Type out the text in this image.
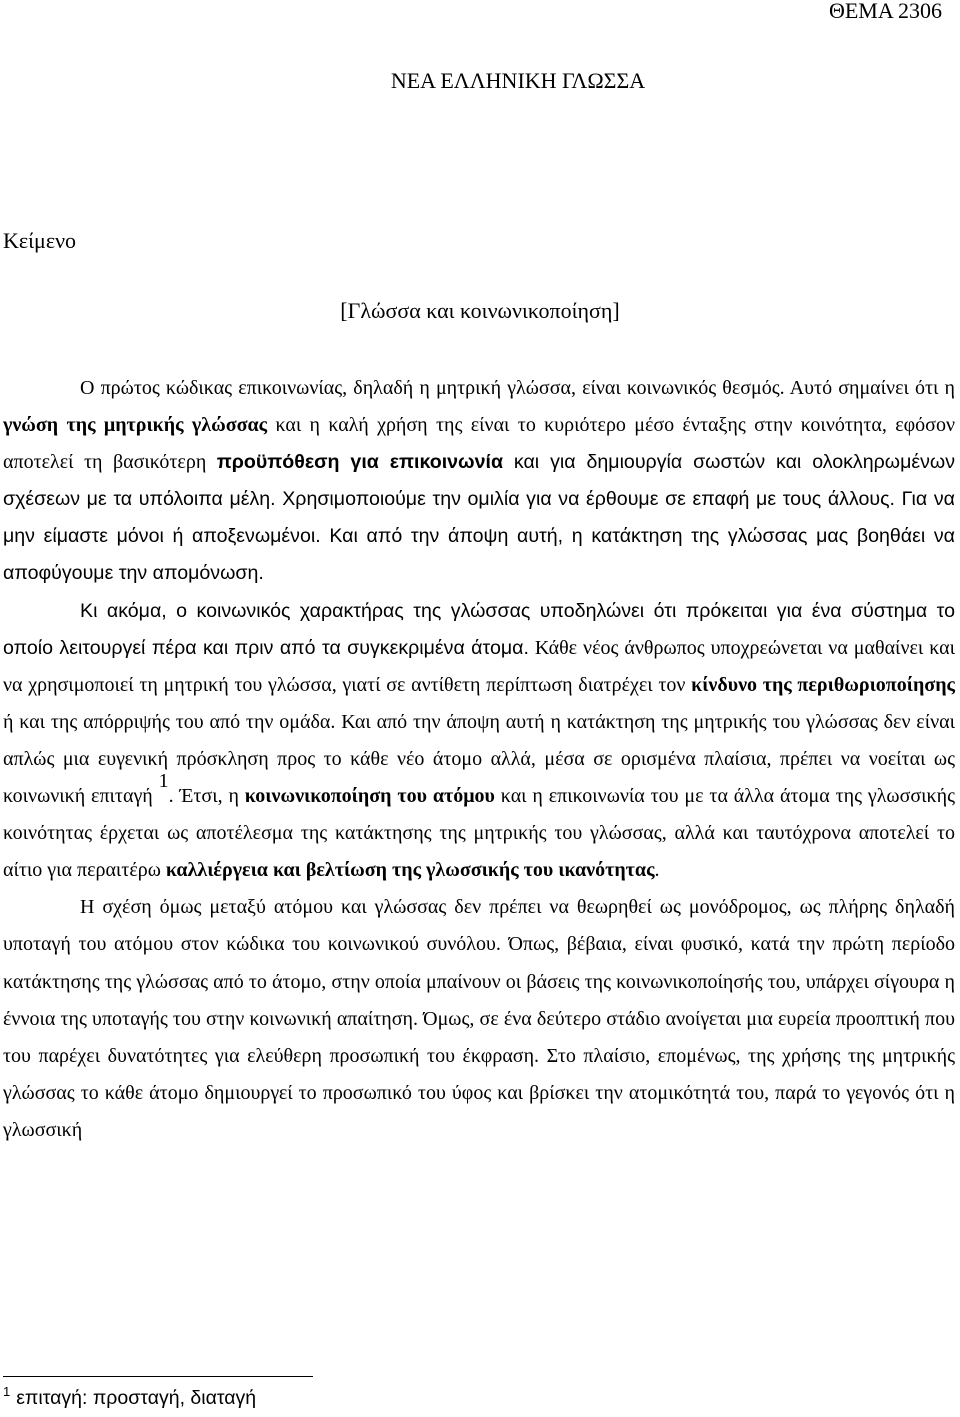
ΘΕΜΑ 2306
ΝΕΑ ΕΛΛΗΝΙΚΗ ΓΛΩΣΣΑ
Κείμενο
[Γλώσσα και κοινωνικοποίηση]

Ο πρώτος κώδικας επικοινωνίας, δηλαδή η μητρική γλώσσα, είναι κοινωνικός θεσμός. Αυτό σημαίνει ότι η γνώση της μητρικής γλώσσας και η καλή χρήση της είναι το κυριότερο μέσο ένταξης στην κοινότητα, εφόσον αποτελεί τη βασικότερη προϋπόθεση για επικοινωνία και για δημιουργία σωστών και ολοκληρωμένων σχέσεων με τα υπόλοιπα μέλη. Χρησιμοποιούμε την ομιλία για να έρθουμε σε επαφή με τους άλλους. Για να μην είμαστε μόνοι ή αποξενωμένοι. Και από την άποψη αυτή, η κατάκτηση της γλώσσας μας βοηθάει να αποφύγουμε την απομόνωση.

Κι ακόμα, ο κοινωνικός χαρακτήρας της γλώσσας υποδηλώνει ότι πρόκειται για ένα σύστημα το οποίο λειτουργεί πέρα και πριν από τα συγκεκριμένα άτομα. Κάθε νέος άνθρωπος υποχρεώνεται να μαθαίνει και να χρησιμοποιεί τη μητρική του γλώσσα, γιατί σε αντίθετη περίπτωση διατρέχει τον κίνδυνο της περιθωριοποίησης ή και της απόρριψής του από την ομάδα. Και από την άποψη αυτή η κατάκτηση της μητρικής του γλώσσας δεν είναι απλώς μια ευγενική πρόσκληση προς το κάθε νέο άτομο αλλά, μέσα σε ορισμένα πλαίσια, πρέπει να νοείται ως κοινωνική επιταγή $^1$. Έτσι, η κοινωνικοποίηση του ατόμου και η επικοινωνία του με τα άλλα άτομα της γλωσσικής κοινότητας έρχεται ως αποτέλεσμα της κατάκτησης της μητρικής του γλώσσας, αλλά και ταυτόχρονα αποτελεί το αίτιο για περαιτέρω καλλιέργεια και βελτίωση της γλωσσικής του ικανότητας.

Η σχέση όμως μεταξύ ατόμου και γλώσσας δεν πρέπει να θεωρηθεί ως μονόδρομος, ως πλήρης δηλαδή υποταγή του ατόμου στον κώδικα του κοινωνικού συνόλου. Όπως, βέβαια, είναι φυσικό, κατά την πρώτη περίοδο κατάκτησης της γλώσσας από το άτομο, στην οποία μπαίνουν οι βάσεις της κοινωνικοποίησής του, υπάρχει σίγουρα η έννοια της υποταγής του στην κοινωνική απαίτηση. Όμως, σε ένα δεύτερο στάδιο ανοίγεται μια ευρεία προοπτική που του παρέχει δυνατότητες για ελεύθερη προσωπική του έκφραση. Στο πλαίσιο, επομένως, της χρήσης της μητρικής γλώσσας το κάθε άτομο δημιουργεί το προσωπικό του ύφος και βρίσκει την ατομικότητά του, παρά το γεγονός ότι η γλωσσική

$^1$ επιταγή: προσταγή, διαταγή
